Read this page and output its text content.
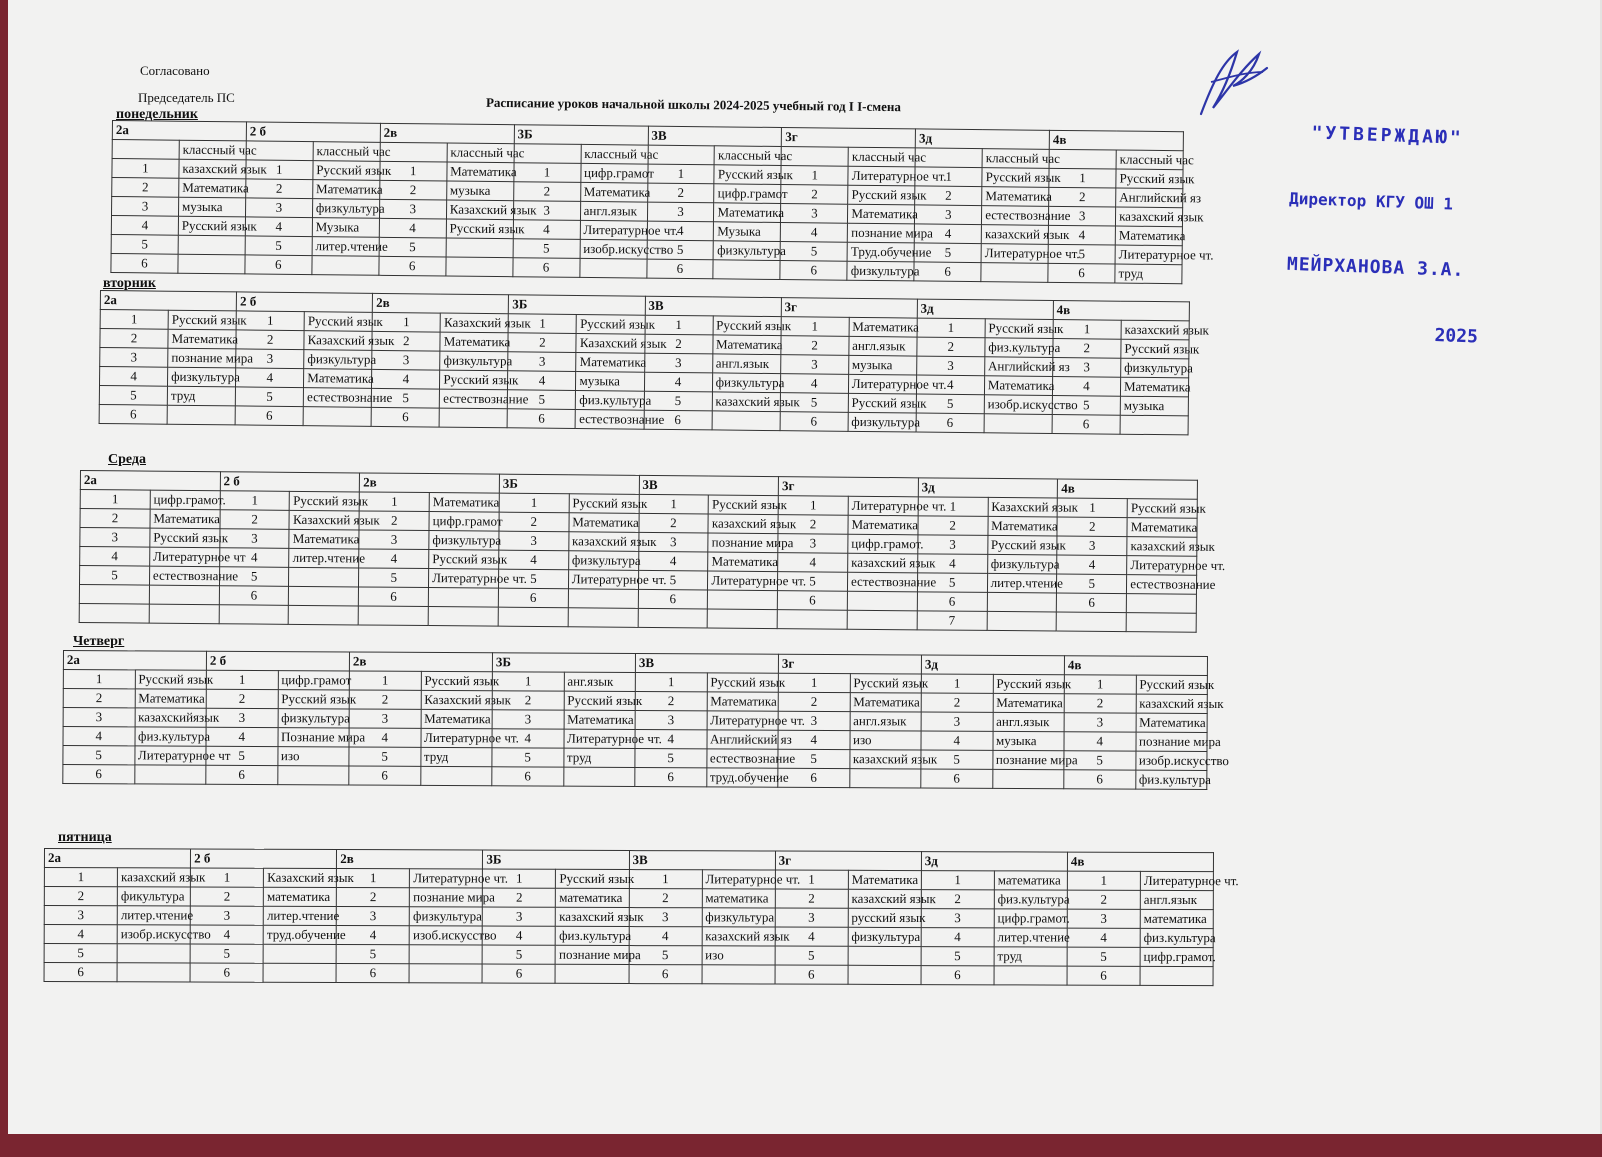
Согласовано
Председатель ПС	Расписание уроков начальной школы 2024-2025 учебный год I I-смена

"УТВЕРЖДАЮ"

Директор КГУ ОШ 1

МЕЙРХАНОВА З.А.

2025

понедельник
2а		2 б		2в		3Б		3В		3г		3д		4в	
	классный час		классный час		классный час		классный час		классный час		классный час		классный час		классный час
1	казахский язык	1	Русский язык	1	Математика	1	цифр.грамот	1	Русский язык	1	Литературное чт.	1	Русский язык	1	Русский язык
2	Математика	2	Математика	2	музыка	2	Математика	2	цифр.грамот	2	Русский язык	2	Математика	2	Английский яз
3	музыка	3	физкультура	3	Казахский язык	3	англ.язык	3	Математика	3	Математика	3	естествознание	3	казахский язык
4	Русский язык	4	Музыка	4	Русский язык	4	Литературное чт.	4	Музыка	4	познание мира	4	казахский язык	4	Математика
5		5	литер.чтение	5		5	изобр.искусство	5	физкультура	5	Труд.обучение	5	Литературное чт.	5	Литературное чт.
6		6		6		6		6		6	физкультура	6		6	труд
вторник
2а		2 б		2в		3Б		3В		3г		3д		4в	
1	Русский язык	1	Русский язык	1	Казахский язык	1	Русский язык	1	Русский язык	1	Математика	1	Русский язык	1	казахский язык
2	Математика	2	Казахский язык	2	Математика	2	Казахский язык	2	Математика	2	англ.язык	2	физ.культура	2	Русский язык
3	познание мира	3	физкультура	3	физкультура	3	Математика	3	англ.язык	3	музыка	3	Английский яз	3	физкультура
4	физкультура	4	Математика	4	Русский язык	4	музыка	4	физкультура	4	Литературное чт.	4	Математика	4	Математика
5	труд	5	естествознание	5	естествознание	5	физ.культура	5	казахский язык	5	Русский язык	5	изобр.искусство	5	музыка
6		6		6		6	естествознание	6		6	физкультура	6		6	
Среда
2а		2 б		2в		3Б		3В		3г		3д		4в	
1	цифр.грамот.	1	Русский язык	1	Математика	1	Русский язык	1	Русский язык	1	Литературное чт.	1	Казахский язык	1	Русский язык
2	Математика	2	Казахский язык	2	цифр.грамот	2	Математика	2	казахский язык	2	Математика	2	Математика	2	Математика
3	Русский язык	3	Математика	3	физкультура	3	казахский язык	3	познание мира	3	цифр.грамот.	3	Русский язык	3	казахский язык
4	Литературное чт	4	литер.чтение	4	Русский язык	4	физкультура	4	Математика	4	казахский язык	4	физкультура	4	Литературное чт.
5	естествознание	5		5	Литературное чт.	5	Литературное чт.	5	Литературное чт.	5	естествознание	5	литер.чтение	5	естествознание
		6		6		6		6		6		6		6	
												7			
Четверг
2а		2 б		2в		3Б		3В		3г		3д		4в	
1	Русский язык	1	цифр.грамот	1	Русский язык	1	анг.язык	1	Русский язык	1	Русский язык	1	Русский язык	1	Русский язык
2	Математика	2	Русский язык	2	Казахский язык	2	Русский язык	2	Математика	2	Математика	2	Математика	2	казахский язык
3	казахскийязык	3	физкультура	3	Математика	3	Математика	3	Литературное чт.	3	англ.язык	3	англ.язык	3	Математика
4	физ.культура	4	Познание мира	4	Литературное чт.	4	Литературное чт.	4	Английский яз	4	изо	4	музыка	4	познание мира
5	Литературное чт	5	изо	5	труд	5	труд	5	естествознание	5	казахский язык	5	познание мира	5	изобр.искусство
6		6		6		6		6	труд.обучение	6		6		6	физ.культура
пятница
2а		2 б		2в		3Б		3В		3г		3д		4в	
1	казахский язык	1	Казахский язык	1	Литературное чт.	1	Русский язык	1	Литературное чт.	1	Математика	1	математика	1	Литературное чт.
2	фикультура	2	математика	2	познание мира	2	математика	2	математика	2	казахский язык	2	физ.культура	2	англ.язык
3	литер.чтение	3	литер.чтение	3	физкультура	3	казахский язык	3	физкультура	3	русский язык	3	цифр.грамот.	3	математика
4	изобр.искусство	4	труд.обучение	4	изоб.искусство	4	физ.культура	4	казахский язык	4	физкультура	4	литер.чтение	4	физ.культура
5		5		5		5	познание мира	5	изо	5		5	труд	5	цифр.грамот.
6		6		6		6		6		6		6		6	
